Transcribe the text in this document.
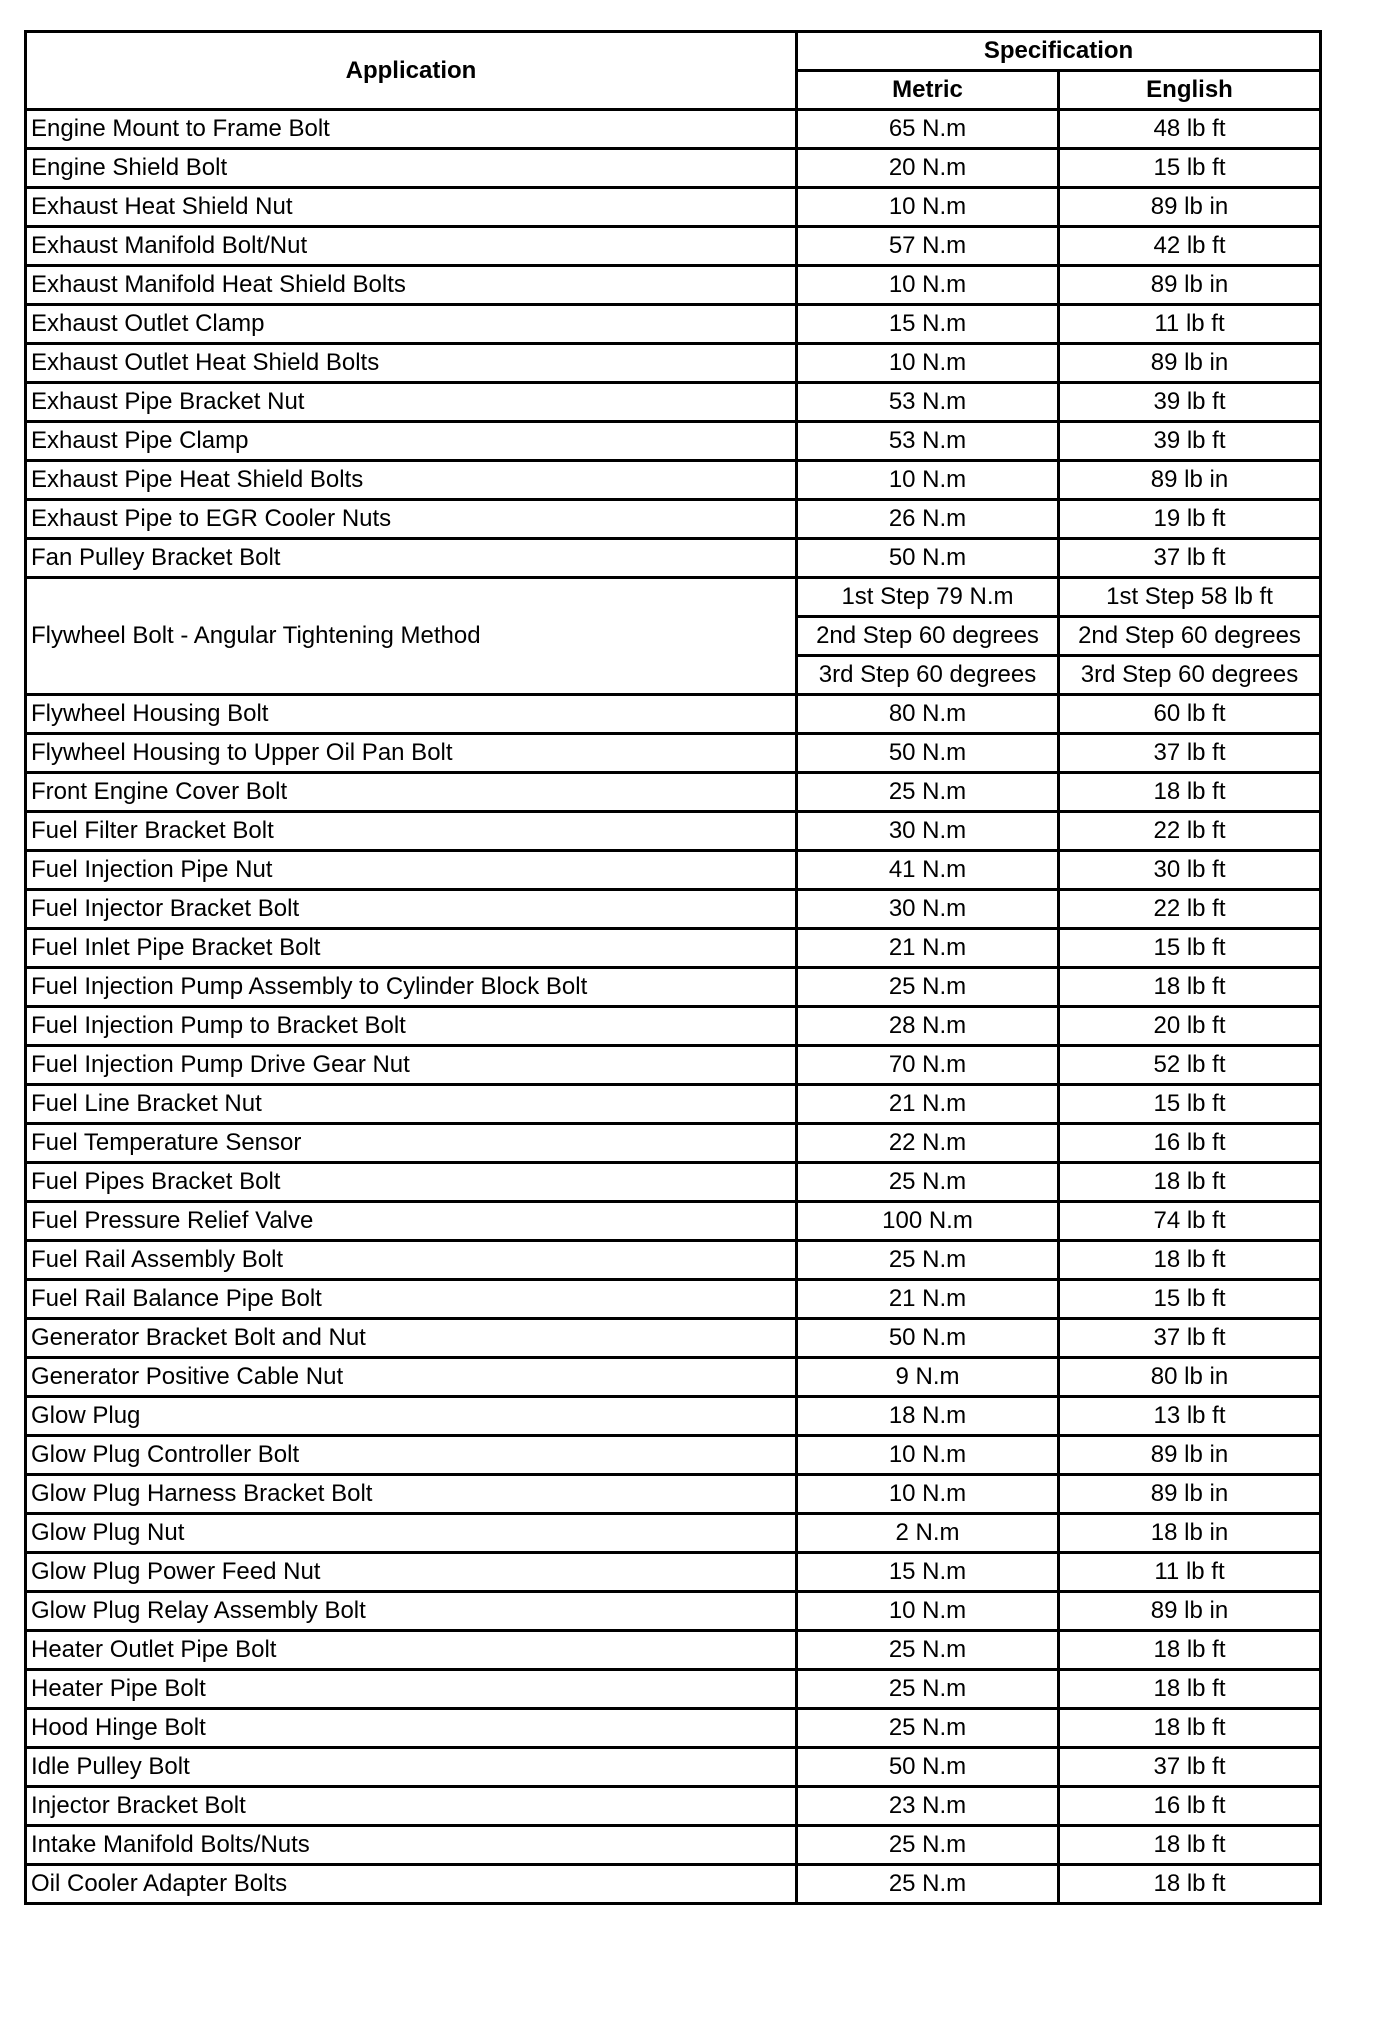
Application	Specification	
	Metric	English
Engine Mount to Frame Bolt	65 N.m	48 lb ft
Engine Shield Bolt	20 N.m	15 lb ft
Exhaust Heat Shield Nut	10 N.m	89 lb in
Exhaust Manifold Bolt/Nut	57 N.m	42 lb ft
Exhaust Manifold Heat Shield Bolts	10 N.m	89 lb in
Exhaust Outlet Clamp	15 N.m	11 lb ft
Exhaust Outlet Heat Shield Bolts	10 N.m	89 lb in
Exhaust Pipe Bracket Nut	53 N.m	39 lb ft
Exhaust Pipe Clamp	53 N.m	39 lb ft
Exhaust Pipe Heat Shield Bolts	10 N.m	89 lb in
Exhaust Pipe to EGR Cooler Nuts	26 N.m	19 lb ft
Fan Pulley Bracket Bolt	50 N.m	37 lb ft
Flywheel Bolt - Angular Tightening Method	1st Step 79 N.m	1st Step 58 lb ft
	2nd Step 60 degrees	2nd Step 60 degrees
	3rd Step 60 degrees	3rd Step 60 degrees
Flywheel Housing Bolt	80 N.m	60 lb ft
Flywheel Housing to Upper Oil Pan Bolt	50 N.m	37 lb ft
Front Engine Cover Bolt	25 N.m	18 lb ft
Fuel Filter Bracket Bolt	30 N.m	22 lb ft
Fuel Injection Pipe Nut	41 N.m	30 lb ft
Fuel Injector Bracket Bolt	30 N.m	22 lb ft
Fuel Inlet Pipe Bracket Bolt	21 N.m	15 lb ft
Fuel Injection Pump Assembly to Cylinder Block Bolt	25 N.m	18 lb ft
Fuel Injection Pump to Bracket Bolt	28 N.m	20 lb ft
Fuel Injection Pump Drive Gear Nut	70 N.m	52 lb ft
Fuel Line Bracket Nut	21 N.m	15 lb ft
Fuel Temperature Sensor	22 N.m	16 lb ft
Fuel Pipes Bracket Bolt	25 N.m	18 lb ft
Fuel Pressure Relief Valve	100 N.m	74 lb ft
Fuel Rail Assembly Bolt	25 N.m	18 lb ft
Fuel Rail Balance Pipe Bolt	21 N.m	15 lb ft
Generator Bracket Bolt and Nut	50 N.m	37 lb ft
Generator Positive Cable Nut	9 N.m	80 lb in
Glow Plug	18 N.m	13 lb ft
Glow Plug Controller Bolt	10 N.m	89 lb in
Glow Plug Harness Bracket Bolt	10 N.m	89 lb in
Glow Plug Nut	2 N.m	18 lb in
Glow Plug Power Feed Nut	15 N.m	11 lb ft
Glow Plug Relay Assembly Bolt	10 N.m	89 lb in
Heater Outlet Pipe Bolt	25 N.m	18 lb ft
Heater Pipe Bolt	25 N.m	18 lb ft
Hood Hinge Bolt	25 N.m	18 lb ft
Idle Pulley Bolt	50 N.m	37 lb ft
Injector Bracket Bolt	23 N.m	16 lb ft
Intake Manifold Bolts/Nuts	25 N.m	18 lb ft
Oil Cooler Adapter Bolts	25 N.m	18 lb ft
